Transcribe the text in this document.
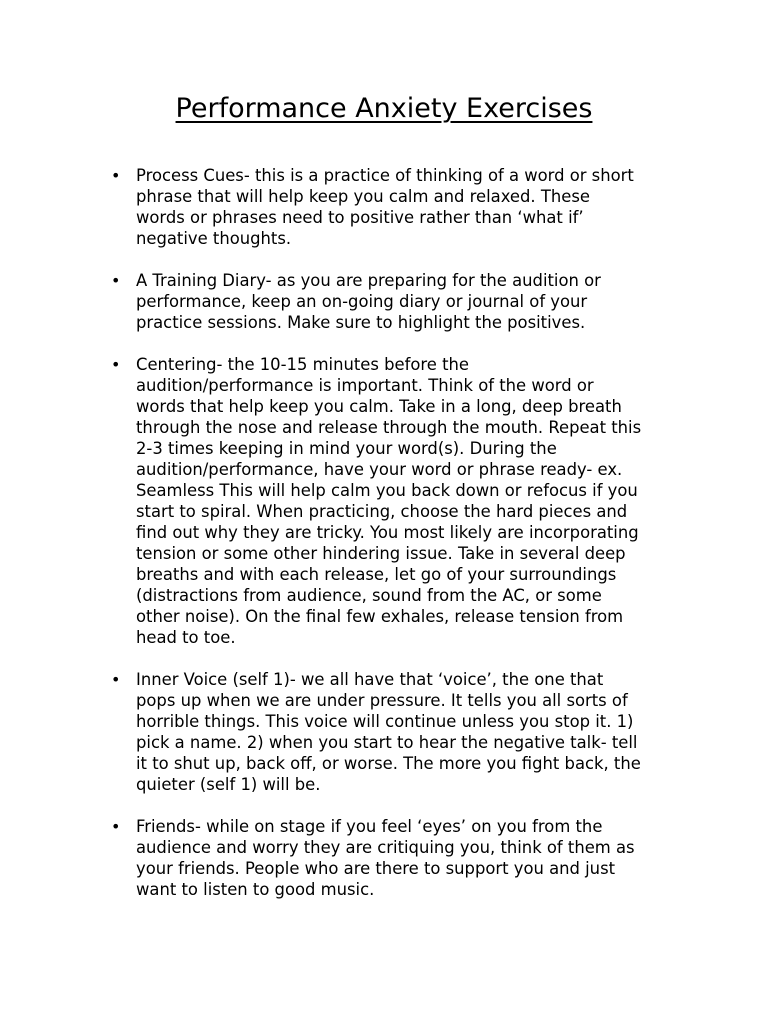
Performance Anxiety Exercises
• Process Cues- this is a practice of thinking of a word or short
phrase that will help keep you calm and relaxed. These
words or phrases need to positive rather than ‘what if’
negative thoughts.
• A Training Diary- as you are preparing for the audition or
performance, keep an on-going diary or journal of your
practice sessions. Make sure to highlight the positives.
• Centering- the 10-15 minutes before the
audition/performance is important. Think of the word or
words that help keep you calm. Take in a long, deep breath
through the nose and release through the mouth. Repeat this
2-3 times keeping in mind your word(s). During the
audition/performance, have your word or phrase ready- ex.
Seamless This will help calm you back down or refocus if you
start to spiral. When practicing, choose the hard pieces and
find out why they are tricky. You most likely are incorporating
tension or some other hindering issue. Take in several deep
breaths and with each release, let go of your surroundings
(distractions from audience, sound from the AC, or some
other noise). On the final few exhales, release tension from
head to toe.
• Inner Voice (self 1)- we all have that ‘voice’, the one that
pops up when we are under pressure. It tells you all sorts of
horrible things. This voice will continue unless you stop it. 1)
pick a name. 2) when you start to hear the negative talk- tell
it to shut up, back off, or worse. The more you fight back, the
quieter (self 1) will be.
• Friends- while on stage if you feel ‘eyes’ on you from the
audience and worry they are critiquing you, think of them as
your friends. People who are there to support you and just
want to listen to good music.
